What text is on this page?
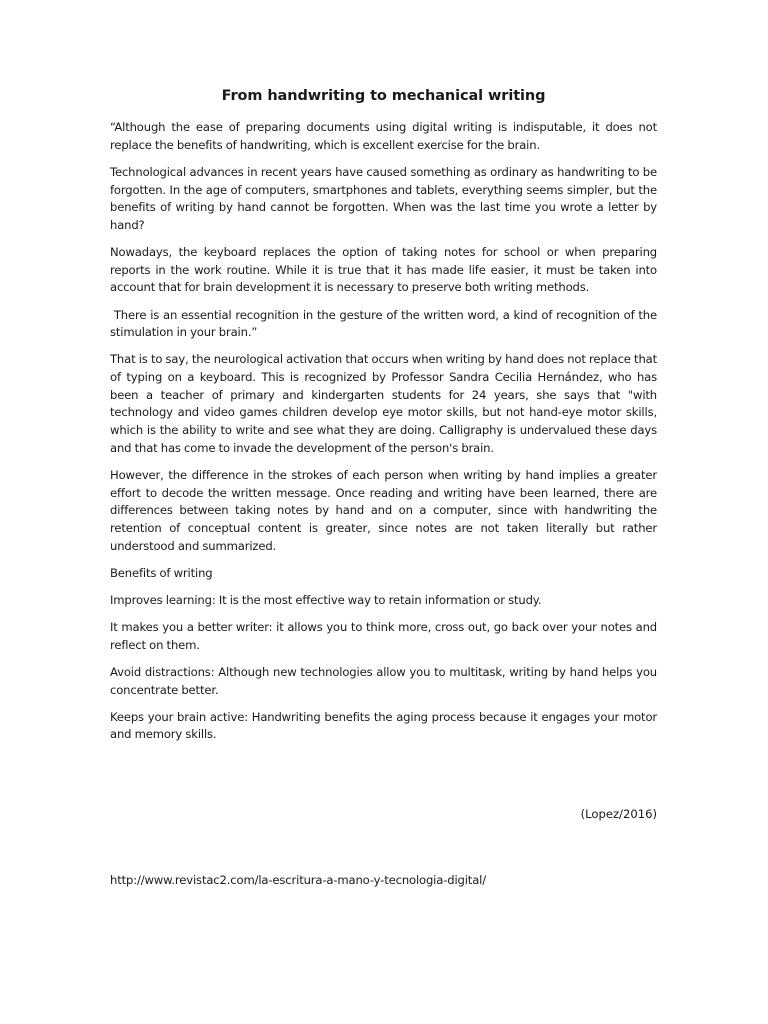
From handwriting to mechanical writing

“Although the ease of preparing documents using digital writing is indisputable, it does not replace the benefits of handwriting, which is excellent exercise for the brain.

Technological advances in recent years have caused something as ordinary as handwriting to be forgotten. In the age of computers, smartphones and tablets, everything seems simpler, but the benefits of writing by hand cannot be forgotten. When was the last time you wrote a letter by hand?

Nowadays, the keyboard replaces the option of taking notes for school or when preparing reports in the work routine. While it is true that it has made life easier, it must be taken into account that for brain development it is necessary to preserve both writing methods.

There is an essential recognition in the gesture of the written word, a kind of recognition of the stimulation in your brain.”

That is to say, the neurological activation that occurs when writing by hand does not replace that of typing on a keyboard. This is recognized by Professor Sandra Cecilia Hernández, who has been a teacher of primary and kindergarten students for 24 years, she says that "with technology and video games children develop eye motor skills, but not hand-eye motor skills, which is the ability to write and see what they are doing. Calligraphy is undervalued these days and that has come to invade the development of the person's brain.

However, the difference in the strokes of each person when writing by hand implies a greater effort to decode the written message. Once reading and writing have been learned, there are differences between taking notes by hand and on a computer, since with handwriting the retention of conceptual content is greater, since notes are not taken literally but rather understood and summarized.

Benefits of writing

Improves learning: It is the most effective way to retain information or study.

It makes you a better writer: it allows you to think more, cross out, go back over your notes and reflect on them.

Avoid distractions: Although new technologies allow you to multitask, writing by hand helps you concentrate better.

Keeps your brain active: Handwriting benefits the aging process because it engages your motor and memory skills.

(Lopez/2016)

http://www.revistac2.com/la-escritura-a-mano-y-tecnologia-digital/
